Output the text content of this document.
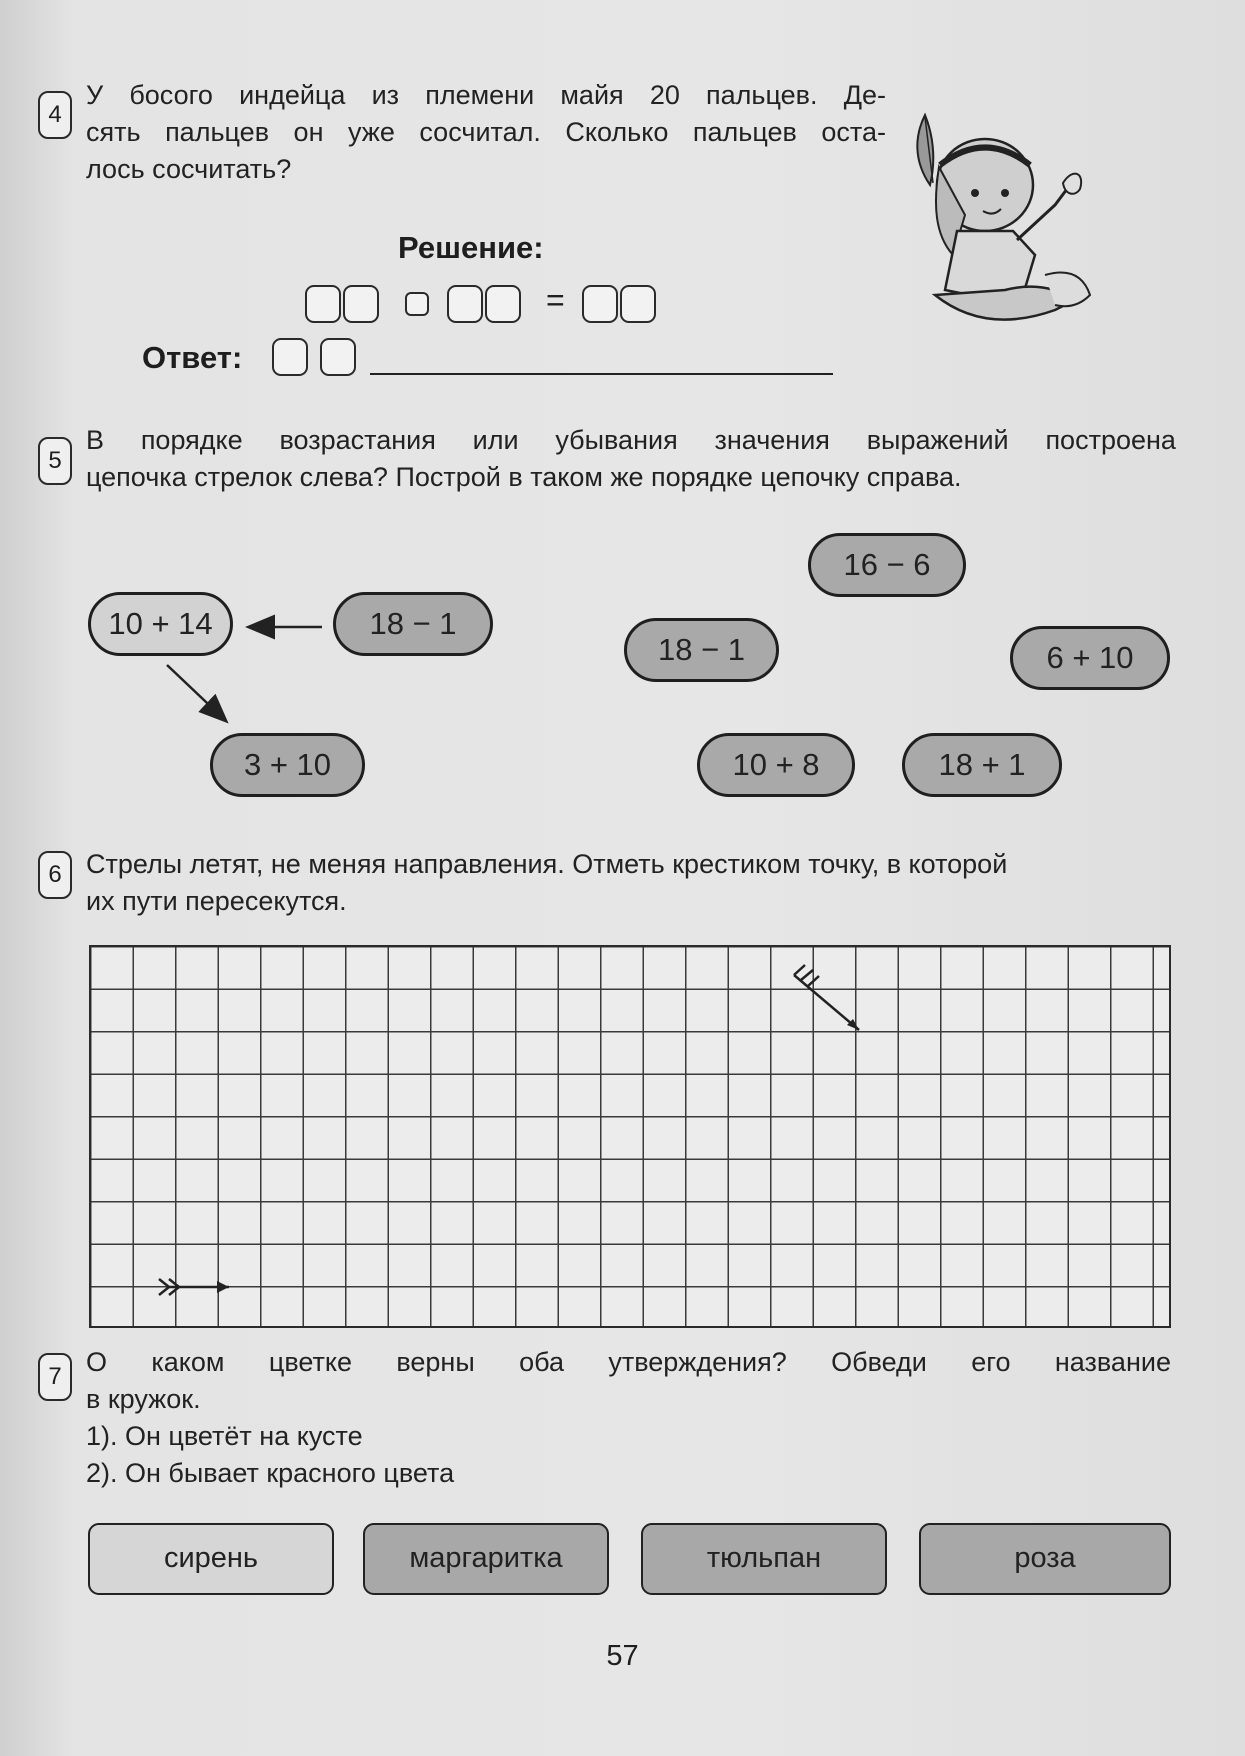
4
У босого индейца из племени майя 20 пальцев. Де-
сять пальцев он уже сосчитал. Сколько пальцев оста-
лось сосчитать?
Решение:
=
Ответ:
5
В порядке возрастания или убывания значения выражений построена
цепочка стрелок слева? Построй в таком же порядке цепочку справа.
10 + 14	18 − 1
3 + 10
16 − 6
18 − 1	6 + 10
10 + 8	18 + 1
6 Стрелы летят, не меняя направления. Отметь крестиком точку, в которой
их пути пересекутся.
7 О каком цветке верны оба утверждения? Обведи его название
в кружок.
1). Он цветёт на кусте
2). Он бывает красного цвета
сирень	маргаритка	тюльпан	роза
57
